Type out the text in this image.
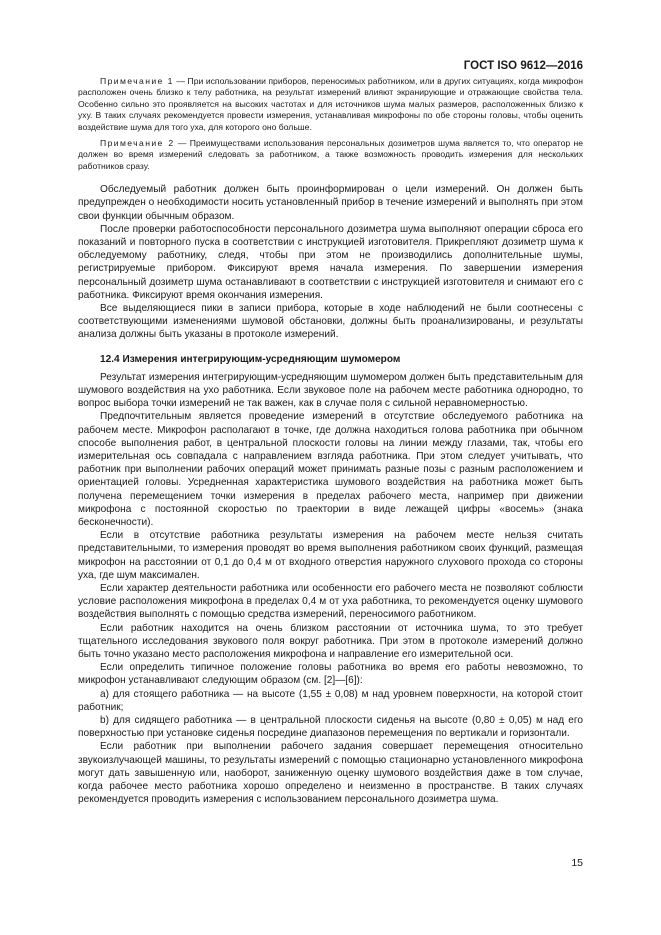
ГОСТ ISO 9612—2016

Примечание 1 — При использовании приборов, переносимых работником, или в других ситуациях, когда микрофон расположен очень близко к телу работника, на результат измерений влияют экранирующие и отражающие свойства тела. Особенно сильно это проявляется на высоких частотах и для источников шума малых размеров, расположенных близко к уху. В таких случаях рекомендуется провести измерения, устанавливая микрофоны по обе стороны головы, чтобы оценить воздействие шума для того уха, для которого оно больше.

Примечание 2 — Преимуществами использования персональных дозиметров шума является то, что оператор не должен во время измерений следовать за работником, а также возможность проводить измерения для нескольких работников сразу.

Обследуемый работник должен быть проинформирован о цели измерений. Он должен быть предупрежден о необходимости носить установленный прибор в течение измерений и выполнять при этом свои функции обычным образом.

После проверки работоспособности персонального дозиметра шума выполняют операции сброса его показаний и повторного пуска в соответствии с инструкцией изготовителя. Прикрепляют дозиметр шума к обследуемому работнику, следя, чтобы при этом не производились дополнительные шумы, регистрируемые прибором. Фиксируют время начала измерения. По завершении измерения персональный дозиметр шума останавливают в соответствии с инструкцией изготовителя и снимают его с работника. Фиксируют время окончания измерения.

Все выделяющиеся пики в записи прибора, которые в ходе наблюдений не были соотнесены с соответствующими изменениями шумовой обстановки, должны быть проанализированы, и результаты анализа должны быть указаны в протоколе измерений.

12.4 Измерения интегрирующим-усредняющим шумомером

Результат измерения интегрирующим-усредняющим шумомером должен быть представительным для шумового воздействия на ухо работника. Если звуковое поле на рабочем месте работника однородно, то вопрос выбора точки измерений не так важен, как в случае поля с сильной неравномерностью.

Предпочтительным является проведение измерений в отсутствие обследуемого работника на рабочем месте. Микрофон располагают в точке, где должна находиться голова работника при обычном способе выполнения работ, в центральной плоскости головы на линии между глазами, так, чтобы его измерительная ось совпадала с направлением взгляда работника. При этом следует учитывать, что работник при выполнении рабочих операций может принимать разные позы с разным расположением и ориентацией головы. Усредненная характеристика шумового воздействия на работника может быть получена перемещением точки измерения в пределах рабочего места, например при движении микрофона с постоянной скоростью по траектории в виде лежащей цифры «восемь» (знака бесконечности).

Если в отсутствие работника результаты измерения на рабочем месте нельзя считать представительными, то измерения проводят во время выполнения работником своих функций, размещая микрофон на расстоянии от 0,1 до 0,4 м от входного отверстия наружного слухового прохода со стороны уха, где шум максимален.

Если характер деятельности работника или особенности его рабочего места не позволяют соблюсти условие расположения микрофона в пределах 0,4 м от уха работника, то рекомендуется оценку шумового воздействия выполнять с помощью средства измерений, переносимого работником.

Если работник находится на очень близком расстоянии от источника шума, то это требует тщательного исследования звукового поля вокруг работника. При этом в протоколе измерений должно быть точно указано место расположения микрофона и направление его измерительной оси.

Если определить типичное положение головы работника во время его работы невозможно, то микрофон устанавливают следующим образом (см. [2]—[6]):

а) для стоящего работника — на высоте (1,55 ± 0,08) м над уровнем поверхности, на которой стоит работник;

b) для сидящего работника — в центральной плоскости сиденья на высоте (0,80 ± 0,05) м над его поверхностью при установке сиденья посредине диапазонов перемещения по вертикали и горизонтали.

Если работник при выполнении рабочего задания совершает перемещения относительно звукоизлучающей машины, то результаты измерений с помощью стационарно установленного микрофона могут дать завышенную или, наоборот, заниженную оценку шумового воздействия даже в том случае, когда рабочее место работника хорошо определено и неизменно в пространстве. В таких случаях рекомендуется проводить измерения с использованием персонального дозиметра шума.

15
